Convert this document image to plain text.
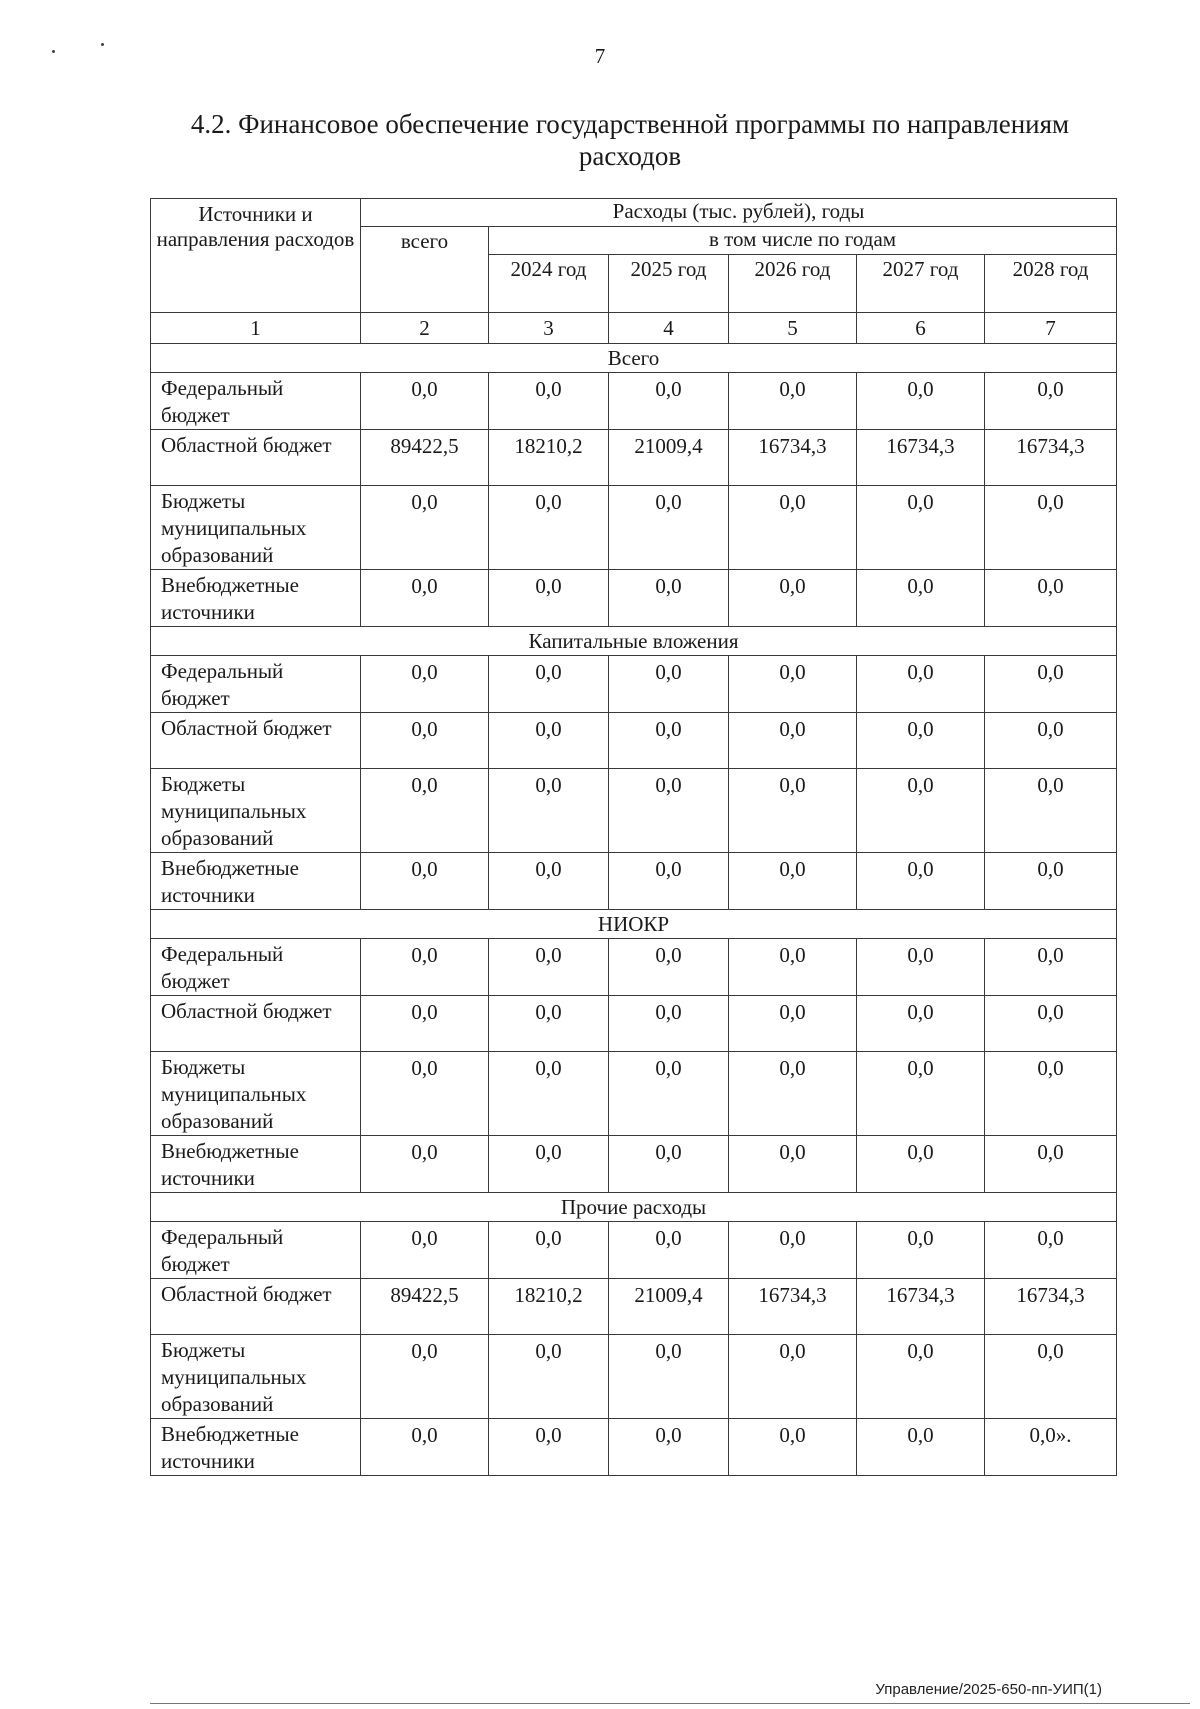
7
4.2. Финансовое обеспечение государственной программы по направлениям расходов
Источники и направления расходов	Расходы (тыс. рублей), годы					
	всего	в том числе по годам				
		2024 год	2025 год	2026 год	2027 год	2028 год
1	2	3	4	5	6	7
Всего						
Федеральный бюджет	0,0	0,0	0,0	0,0	0,0	0,0
Областной бюджет	89422,5	18210,2	21009,4	16734,3	16734,3	16734,3
Бюджеты муниципальных образований	0,0	0,0	0,0	0,0	0,0	0,0
Внебюджетные источники	0,0	0,0	0,0	0,0	0,0	0,0
Капитальные вложения						
Федеральный бюджет	0,0	0,0	0,0	0,0	0,0	0,0
Областной бюджет	0,0	0,0	0,0	0,0	0,0	0,0
Бюджеты муниципальных образований	0,0	0,0	0,0	0,0	0,0	0,0
Внебюджетные источники	0,0	0,0	0,0	0,0	0,0	0,0
НИОКР						
Федеральный бюджет	0,0	0,0	0,0	0,0	0,0	0,0
Областной бюджет	0,0	0,0	0,0	0,0	0,0	0,0
Бюджеты муниципальных образований	0,0	0,0	0,0	0,0	0,0	0,0
Внебюджетные источники	0,0	0,0	0,0	0,0	0,0	0,0
Прочие расходы						
Федеральный бюджет	0,0	0,0	0,0	0,0	0,0	0,0
Областной бюджет	89422,5	18210,2	21009,4	16734,3	16734,3	16734,3
Бюджеты муниципальных образований	0,0	0,0	0,0	0,0	0,0	0,0
Внебюджетные источники	0,0	0,0	0,0	0,0	0,0	0,0».
Управление/2025-650-пп-УИП(1)
